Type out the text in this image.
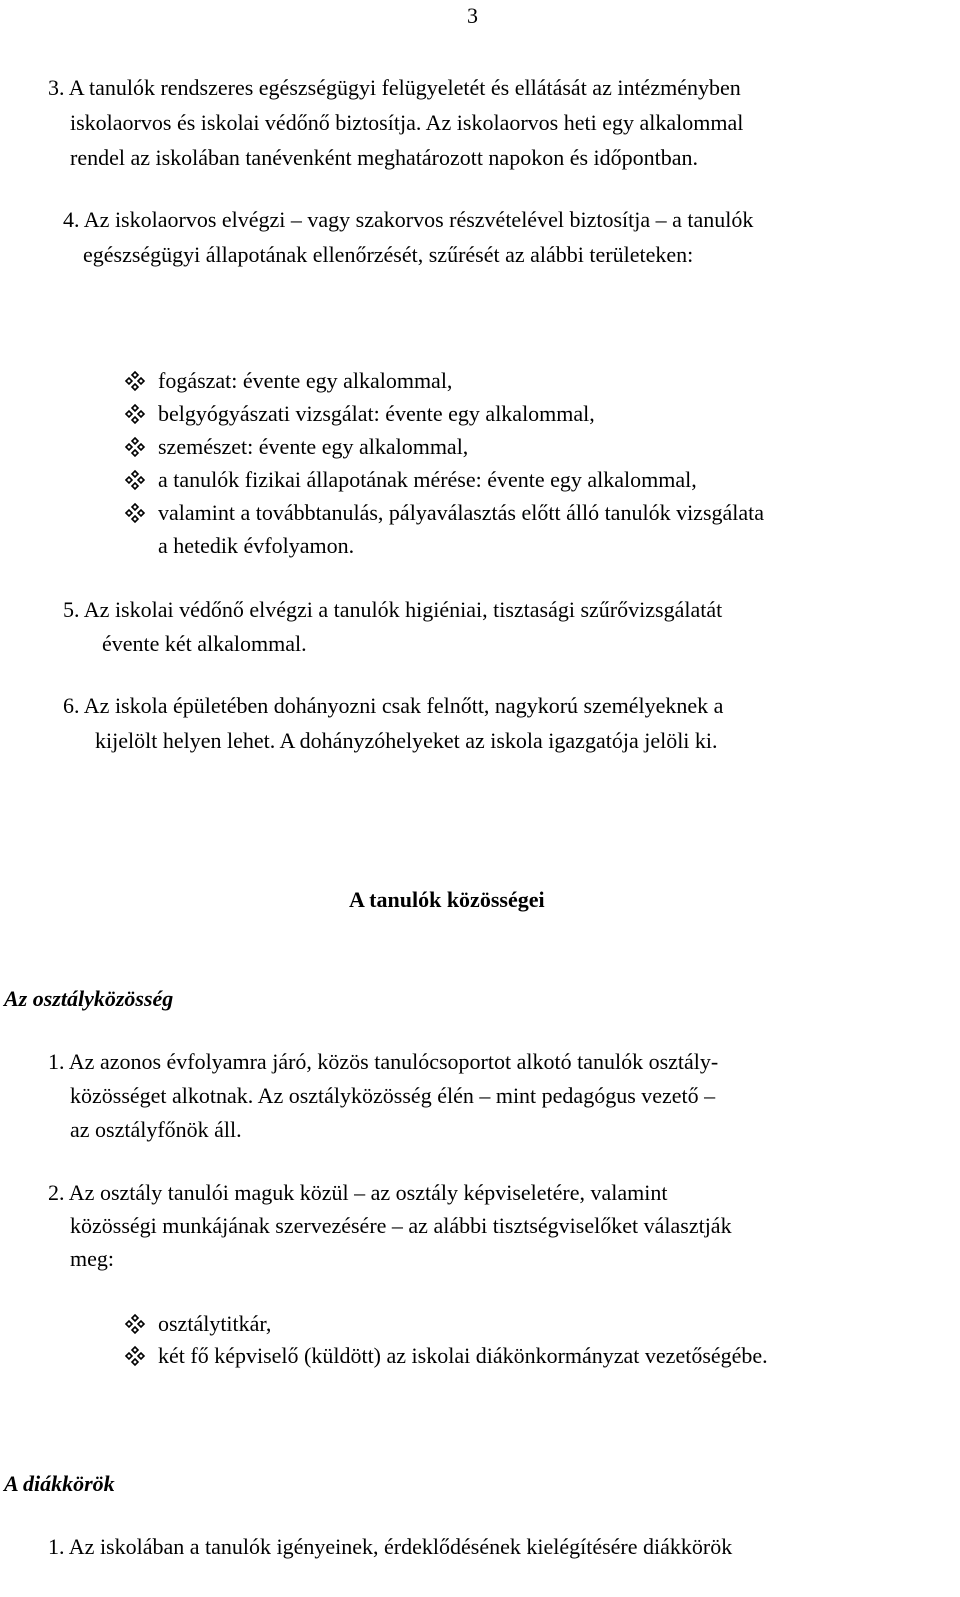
3
3. A tanulók rendszeres egészségügyi felügyeletét és ellátását az intézményben
iskolaorvos és iskolai védőnő biztosítja. Az iskolaorvos heti egy alkalommal
rendel az iskolában tanévenként meghatározott napokon és időpontban.
4. Az iskolaorvos elvégzi – vagy szakorvos részvételével biztosítja – a tanulók
egészségügyi állapotának ellenőrzését, szűrését az alábbi területeken:
fogászat: évente egy alkalommal,
belgyógyászati vizsgálat: évente egy alkalommal,
szemészet: évente egy alkalommal,
a tanulók fizikai állapotának mérése: évente egy alkalommal,
valamint a továbbtanulás, pályaválasztás előtt álló tanulók vizsgálata
a hetedik évfolyamon.
5. Az iskolai védőnő elvégzi a tanulók higiéniai, tisztasági szűrővizsgálatát
évente két alkalommal.
6. Az iskola épületében dohányozni csak felnőtt, nagykorú személyeknek a
kijelölt helyen lehet. A dohányzóhelyeket az iskola igazgatója jelöli ki.
A tanulók közösségei
Az osztályközösség
1. Az azonos évfolyamra járó, közös tanulócsoportot alkotó tanulók osztály-
közösséget alkotnak. Az osztályközösség élén – mint pedagógus vezető –
az osztályfőnök áll.
2. Az osztály tanulói maguk közül – az osztály képviseletére, valamint
közösségi munkájának szervezésére – az alábbi tisztségviselőket választják
meg:
osztálytitkár,
két fő képviselő (küldött) az iskolai diákönkormányzat vezetőségébe.
A diákkörök
1. Az iskolában a tanulók igényeinek, érdeklődésének kielégítésére diákkörök
